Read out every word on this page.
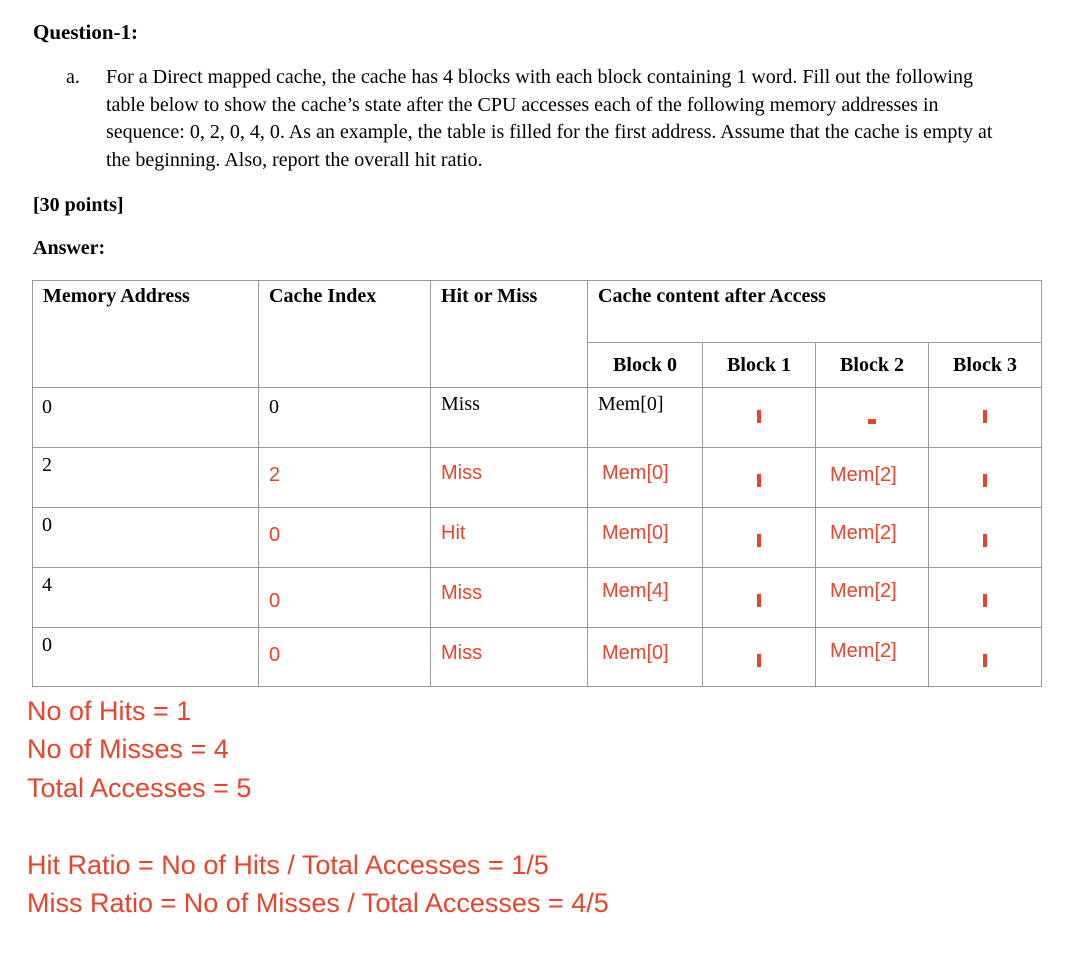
Question-1:
a. For a Direct mapped cache, the cache has 4 blocks with each block containing 1 word. Fill out the following table below to show the cache’s state after the CPU accesses each of the following memory addresses in sequence: 0, 2, 0, 4, 0. As an example, the table is filled for the first address. Assume that the cache is empty at the beginning. Also, report the overall hit ratio.
[30 points]
Answer:
Memory Address	Cache Index	Hit or Miss	Cache content after Access			
			Block 0	Block 1	Block 2	Block 3
0	0	Miss	Mem[0]			
2	2	Miss	Mem[0]		Mem[2]	
0	0	Hit	Mem[0]		Mem[2]	
4	0	Miss	Mem[4]		Mem[2]	
0	0	Miss	Mem[0]		Mem[2]	
No of Hits = 1
No of Misses = 4
Total Accesses = 5
Hit Ratio = No of Hits / Total Accesses = 1/5
Miss Ratio = No of Misses / Total Accesses = 4/5
